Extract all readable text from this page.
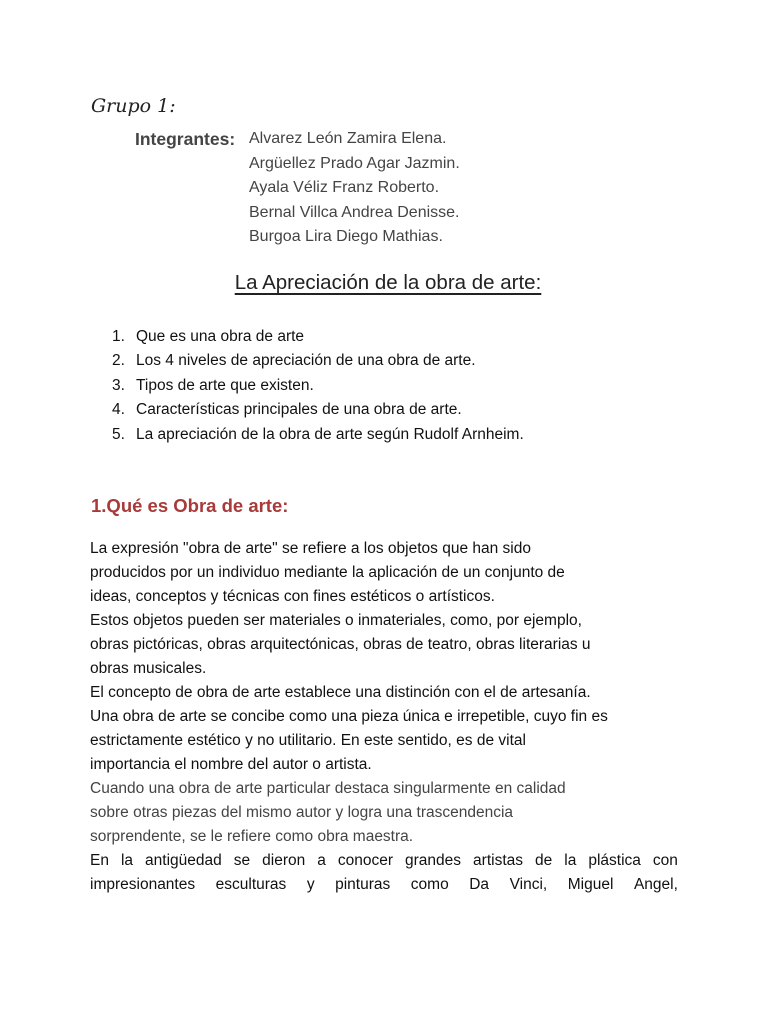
Grupo 1:
Integrantes: Alvarez León Zamira Elena.
Argüellez Prado Agar Jazmin.
Ayala Véliz Franz Roberto.
Bernal Villca Andrea Denisse.
Burgoa Lira Diego Mathias.
La Apreciación de la obra de arte:
1. Que es una obra de arte
2. Los 4 niveles de apreciación de una obra de arte.
3. Tipos de arte que existen.
4. Características principales de una obra de arte.
5. La apreciación de la obra de arte según Rudolf Arnheim.
1.Qué es Obra de arte:

La expresión "obra de arte" se refiere a los objetos que han sido

producidos por un individuo mediante la aplicación de un conjunto de

ideas, conceptos y técnicas con fines estéticos o artísticos.

Estos objetos pueden ser materiales o inmateriales, como, por ejemplo,

obras pictóricas, obras arquitectónicas, obras de teatro, obras literarias u

obras musicales.

El concepto de obra de arte establece una distinción con el de artesanía.

Una obra de arte se concibe como una pieza única e irrepetible, cuyo fin es

estrictamente estético y no utilitario. En este sentido, es de vital

importancia el nombre del autor o artista.

Cuando una obra de arte particular destaca singularmente en calidad

sobre otras piezas del mismo autor y logra una trascendencia

sorprendente, se le refiere como obra maestra.

En la antigüedad se dieron a conocer grandes artistas de la plástica con

impresionantes esculturas y pinturas como Da Vinci, Miguel Angel,
